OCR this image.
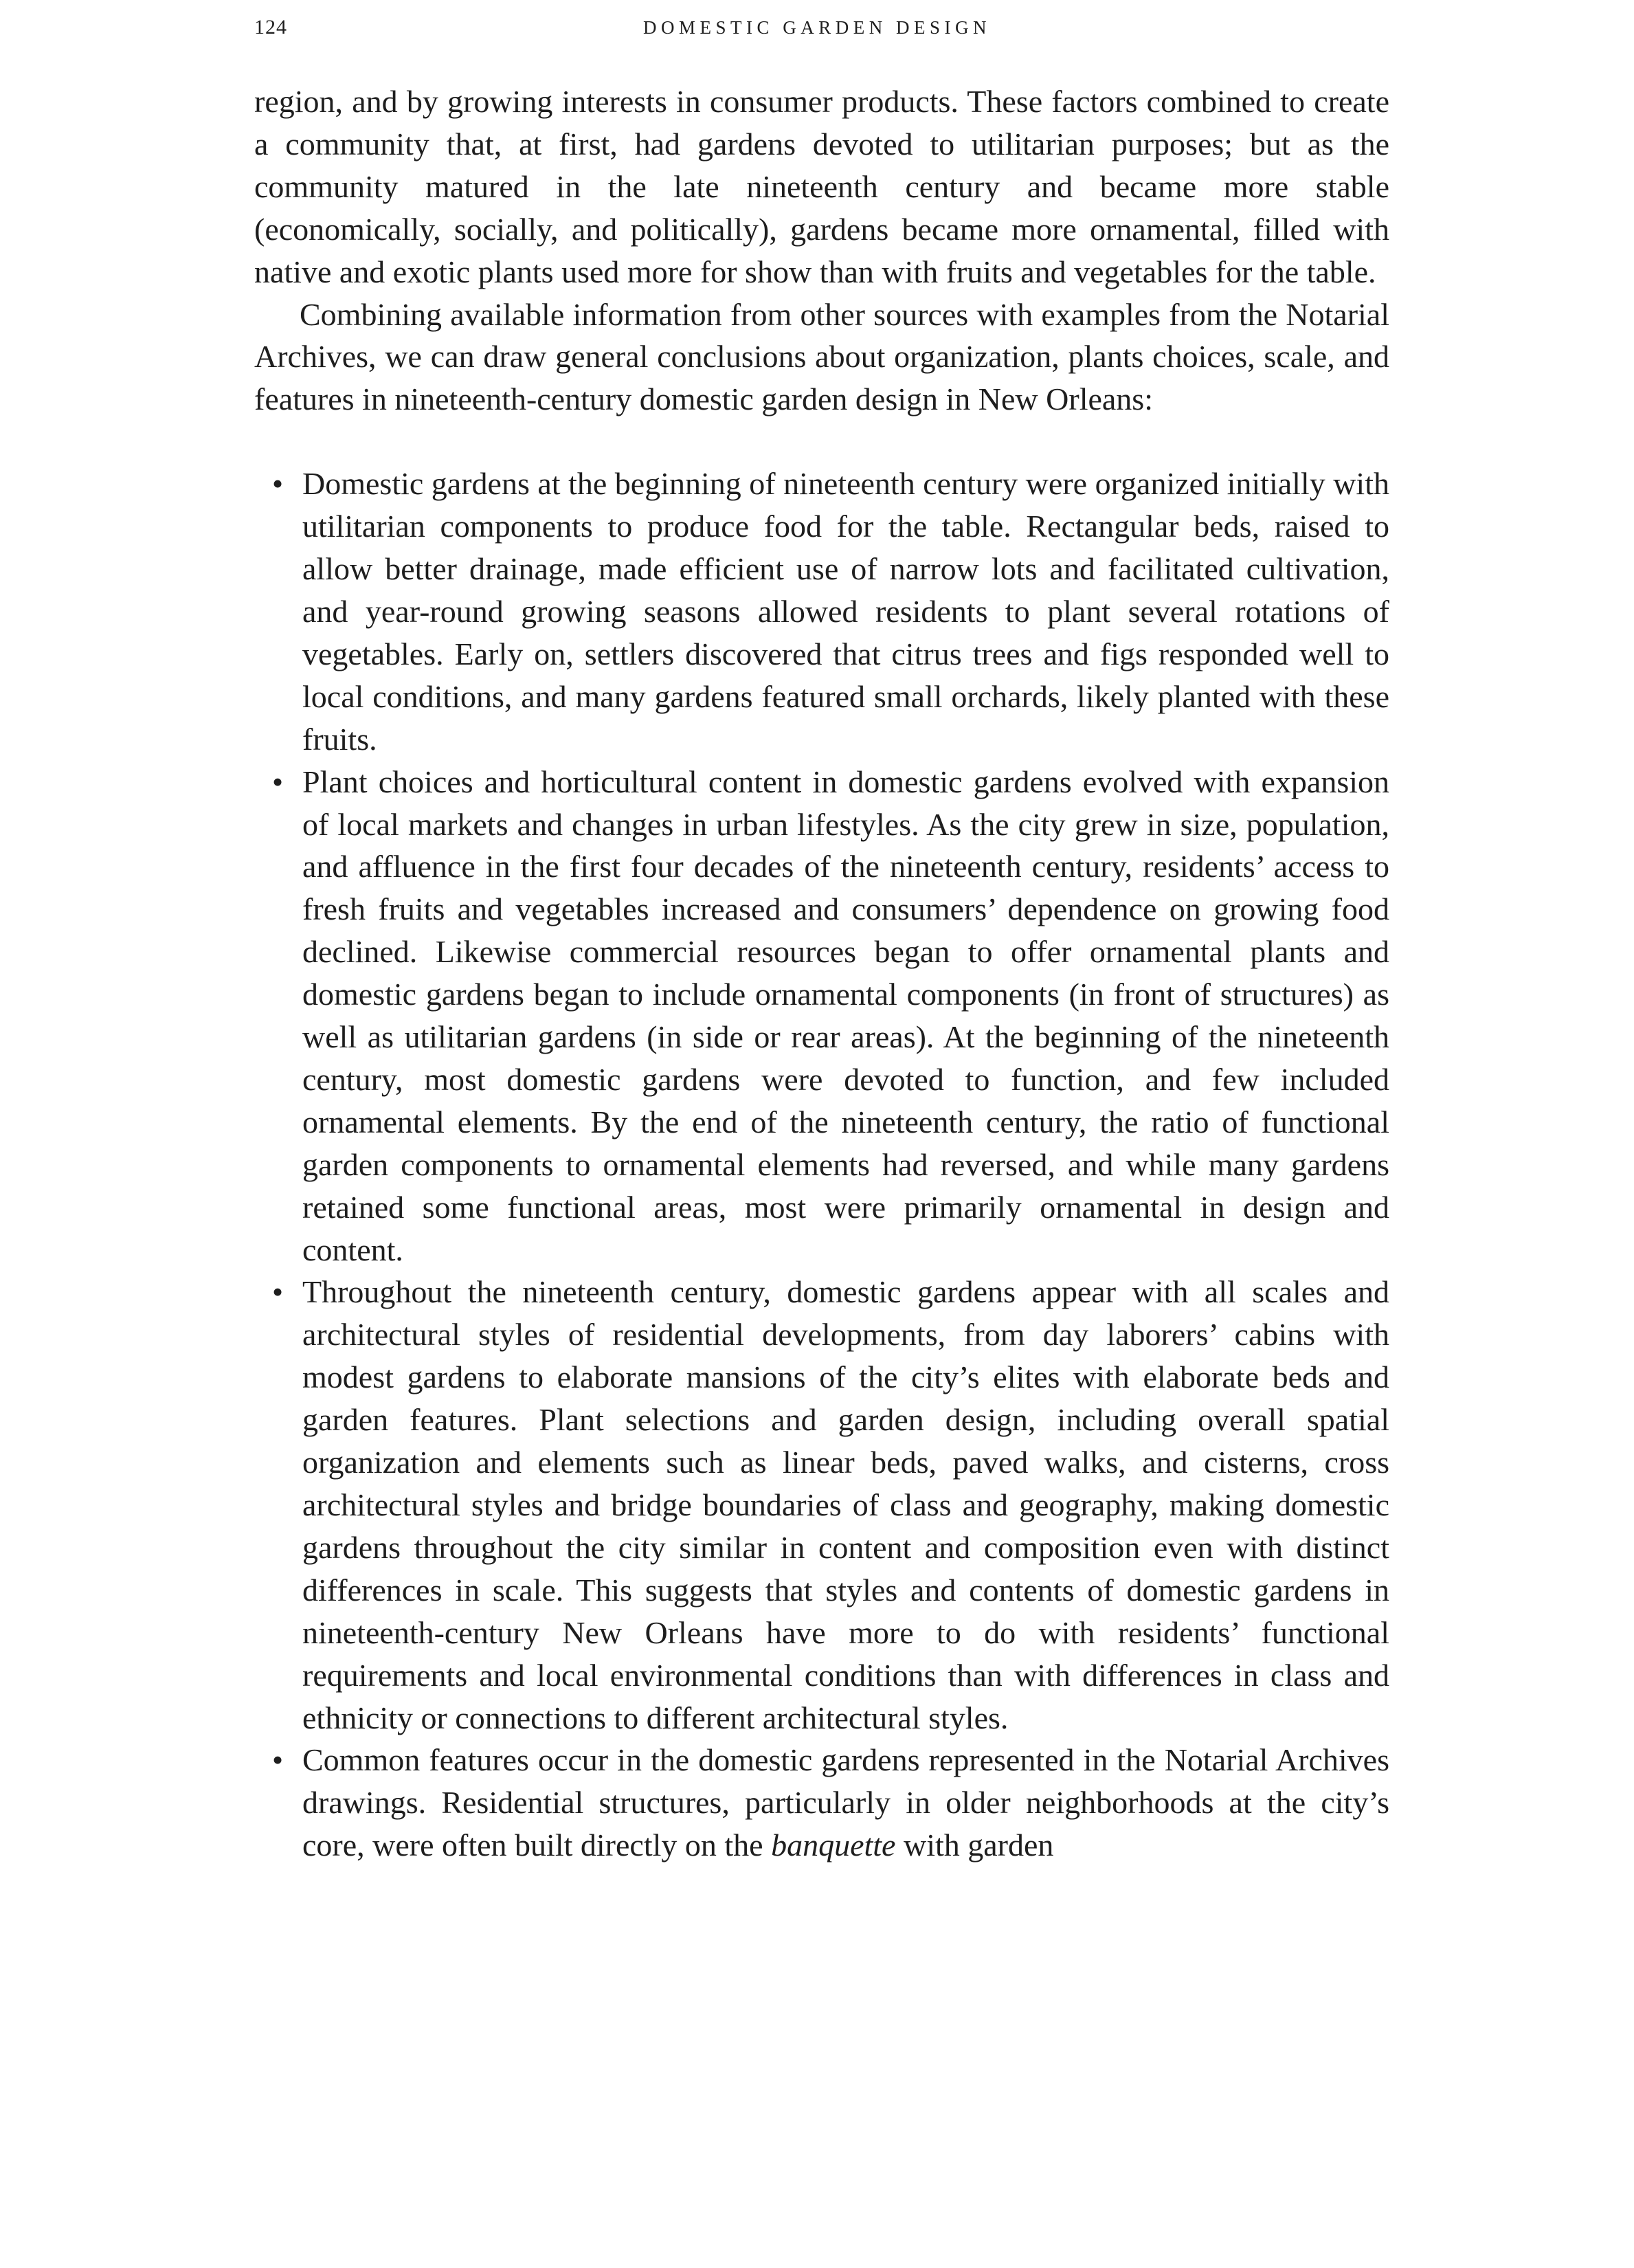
124	DOMESTIC GARDEN DESIGN

region, and by growing interests in consumer products. These factors combined to create a community that, at first, had gardens devoted to utilitarian purposes; but as the community matured in the late nineteenth century and became more stable (economically, socially, and politically), gardens became more ornamental, filled with native and exotic plants used more for show than with fruits and vegetables for the table.

Combining available information from other sources with examples from the Notarial Archives, we can draw general conclusions about organization, plants choices, scale, and features in nineteenth-century domestic garden design in New Orleans:

• Domestic gardens at the beginning of nineteenth century were organized initially with utilitarian components to produce food for the table. Rectangular beds, raised to allow better drainage, made efficient use of narrow lots and facilitated cultivation, and year-round growing seasons allowed residents to plant several rotations of vegetables. Early on, settlers discovered that citrus trees and figs responded well to local conditions, and many gardens featured small orchards, likely planted with these fruits.
• Plant choices and horticultural content in domestic gardens evolved with expansion of local markets and changes in urban lifestyles. As the city grew in size, population, and affluence in the first four decades of the nineteenth century, residents’ access to fresh fruits and vegetables increased and consumers’ dependence on growing food declined. Likewise commercial resources began to offer ornamental plants and domestic gardens began to include ornamental components (in front of structures) as well as utilitarian gardens (in side or rear areas). At the beginning of the nineteenth century, most domestic gardens were devoted to function, and few included ornamental elements. By the end of the nineteenth century, the ratio of functional garden components to ornamental elements had reversed, and while many gardens retained some functional areas, most were primarily ornamental in design and content.
• Throughout the nineteenth century, domestic gardens appear with all scales and architectural styles of residential developments, from day laborers’ cabins with modest gardens to elaborate mansions of the city’s elites with elaborate beds and garden features. Plant selections and garden design, including overall spatial organization and elements such as linear beds, paved walks, and cisterns, cross architectural styles and bridge boundaries of class and geography, making domestic gardens throughout the city similar in content and composition even with distinct differences in scale. This suggests that styles and contents of domestic gardens in nineteenth-century New Orleans have more to do with residents’ functional requirements and local environmental conditions than with differences in class and ethnicity or connections to different architectural styles.
• Common features occur in the domestic gardens represented in the Notarial Archives drawings. Residential structures, particularly in older neighborhoods at the city’s core, were often built directly on the banquette with garden
